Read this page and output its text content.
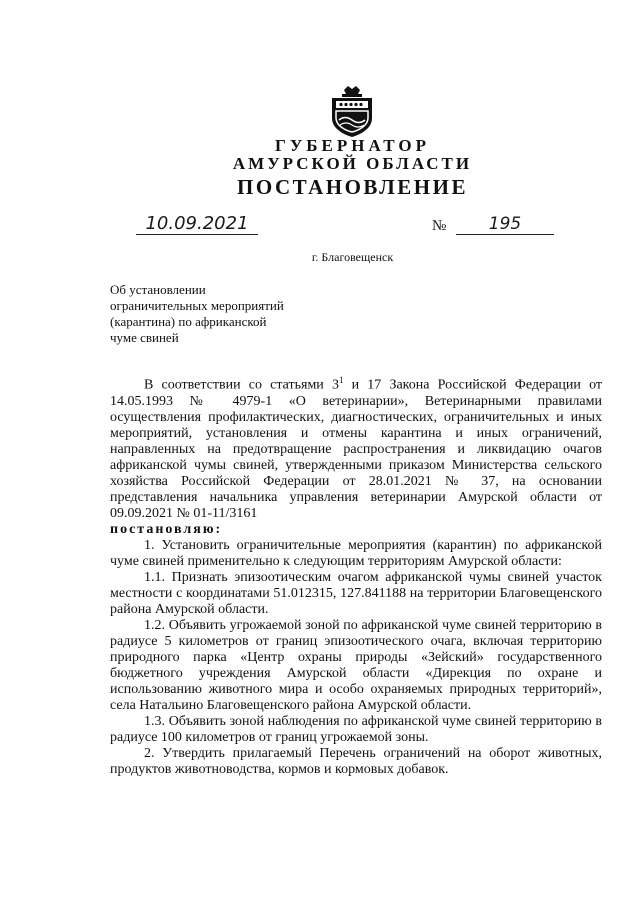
ГУБЕРНАТОР
АМУРСКОЙ ОБЛАСТИ
ПОСТАНОВЛЕНИЕ
10.09.2021	№	195
г. Благовещенск
Об установлении
ограничительных мероприятий
(карантина) по африканской
чуме свиней

В соответствии со статьями $3^1$ и 17 Закона Российской Федерации от 14.05.1993 № 4979-1 «О ветеринарии», Ветеринарными правилами осуществления профилактических, диагностических, ограничительных и иных мероприятий, установления и отмены карантина и иных ограничений, направленных на предотвращение распространения и ликвидацию очагов африканской чумы свиней, утвержденными приказом Министерства сельского хозяйства Российской Федерации от 28.01.2021 № 37, на основании представления начальника управления ветеринарии Амурской области от 09.09.2021 № 01-11/3161

постановляю:

1. Установить ограничительные мероприятия (карантин) по африканской чуме свиней применительно к следующим территориям Амурской области:

1.1. Признать эпизоотическим очагом африканской чумы свиней участок местности с координатами 51.012315, 127.841188 на территории Благовещенского района Амурской области.

1.2. Объявить угрожаемой зоной по африканской чуме свиней территорию в радиусе 5 километров от границ эпизоотического очага, включая территорию природного парка «Центр охраны природы «Зейский» государственного бюджетного учреждения Амурской области «Дирекция по охране и использованию животного мира и особо охраняемых природных территорий», села Натальино Благовещенского района Амурской области.

1.3. Объявить зоной наблюдения по африканской чуме свиней территорию в радиусе 100 километров от границ угрожаемой зоны.

2. Утвердить прилагаемый Перечень ограничений на оборот животных, продуктов животноводства, кормов и кормовых добавок.
